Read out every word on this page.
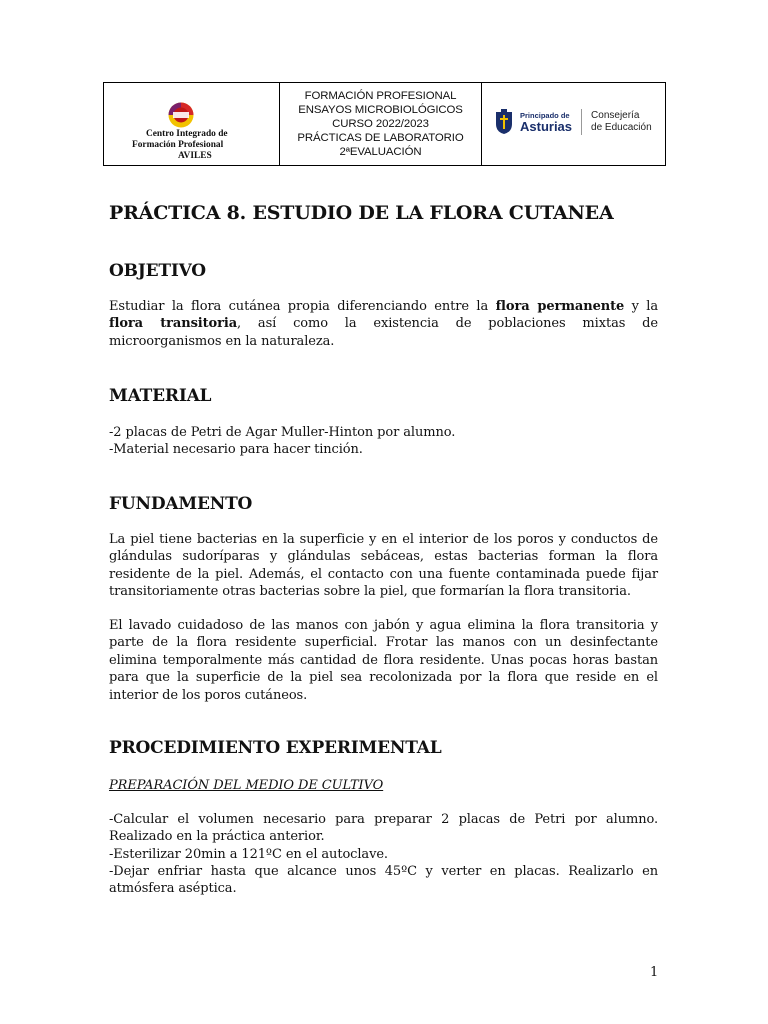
Centro Integrado de
Formación Profesional
AVILES
FORMACIÓN PROFESIONAL
ENSAYOS MICROBIOLÓGICOS
CURSO 2022/2023
PRÁCTICAS DE LABORATORIO
2ªEVALUACIÓN
Principado de
Asturias
Consejería
de Educación
PRÁCTICA 8. ESTUDIO DE LA FLORA CUTANEA
OBJETIVO
Estudiar la flora cutánea propia diferenciando entre la flora permanente y la flora transitoria, así como la existencia de poblaciones mixtas de microorganismos en la naturaleza.
MATERIAL
-2 placas de Petri de Agar Muller-Hinton por alumno.
-Material necesario para hacer tinción.
FUNDAMENTO
La piel tiene bacterias en la superficie y en el interior de los poros y conductos de glándulas sudoríparas y glándulas sebáceas, estas bacterias forman la flora residente de la piel. Además, el contacto con una fuente contaminada puede fijar transitoriamente otras bacterias sobre la piel, que formarían la flora transitoria.
El lavado cuidadoso de las manos con jabón y agua elimina la flora transitoria y parte de la flora residente superficial. Frotar las manos con un desinfectante elimina temporalmente más cantidad de flora residente. Unas pocas horas bastan para que la superficie de la piel sea recolonizada por la flora que reside en el interior de los poros cutáneos.
PROCEDIMIENTO EXPERIMENTAL
PREPARACIÓN DEL MEDIO DE CULTIVO
-Calcular el volumen necesario para preparar 2 placas de Petri por alumno. Realizado en la práctica anterior.
-Esterilizar 20min a 121ºC en el autoclave.
-Dejar enfriar hasta que alcance unos 45ºC y verter en placas. Realizarlo en atmósfera aséptica.
1
